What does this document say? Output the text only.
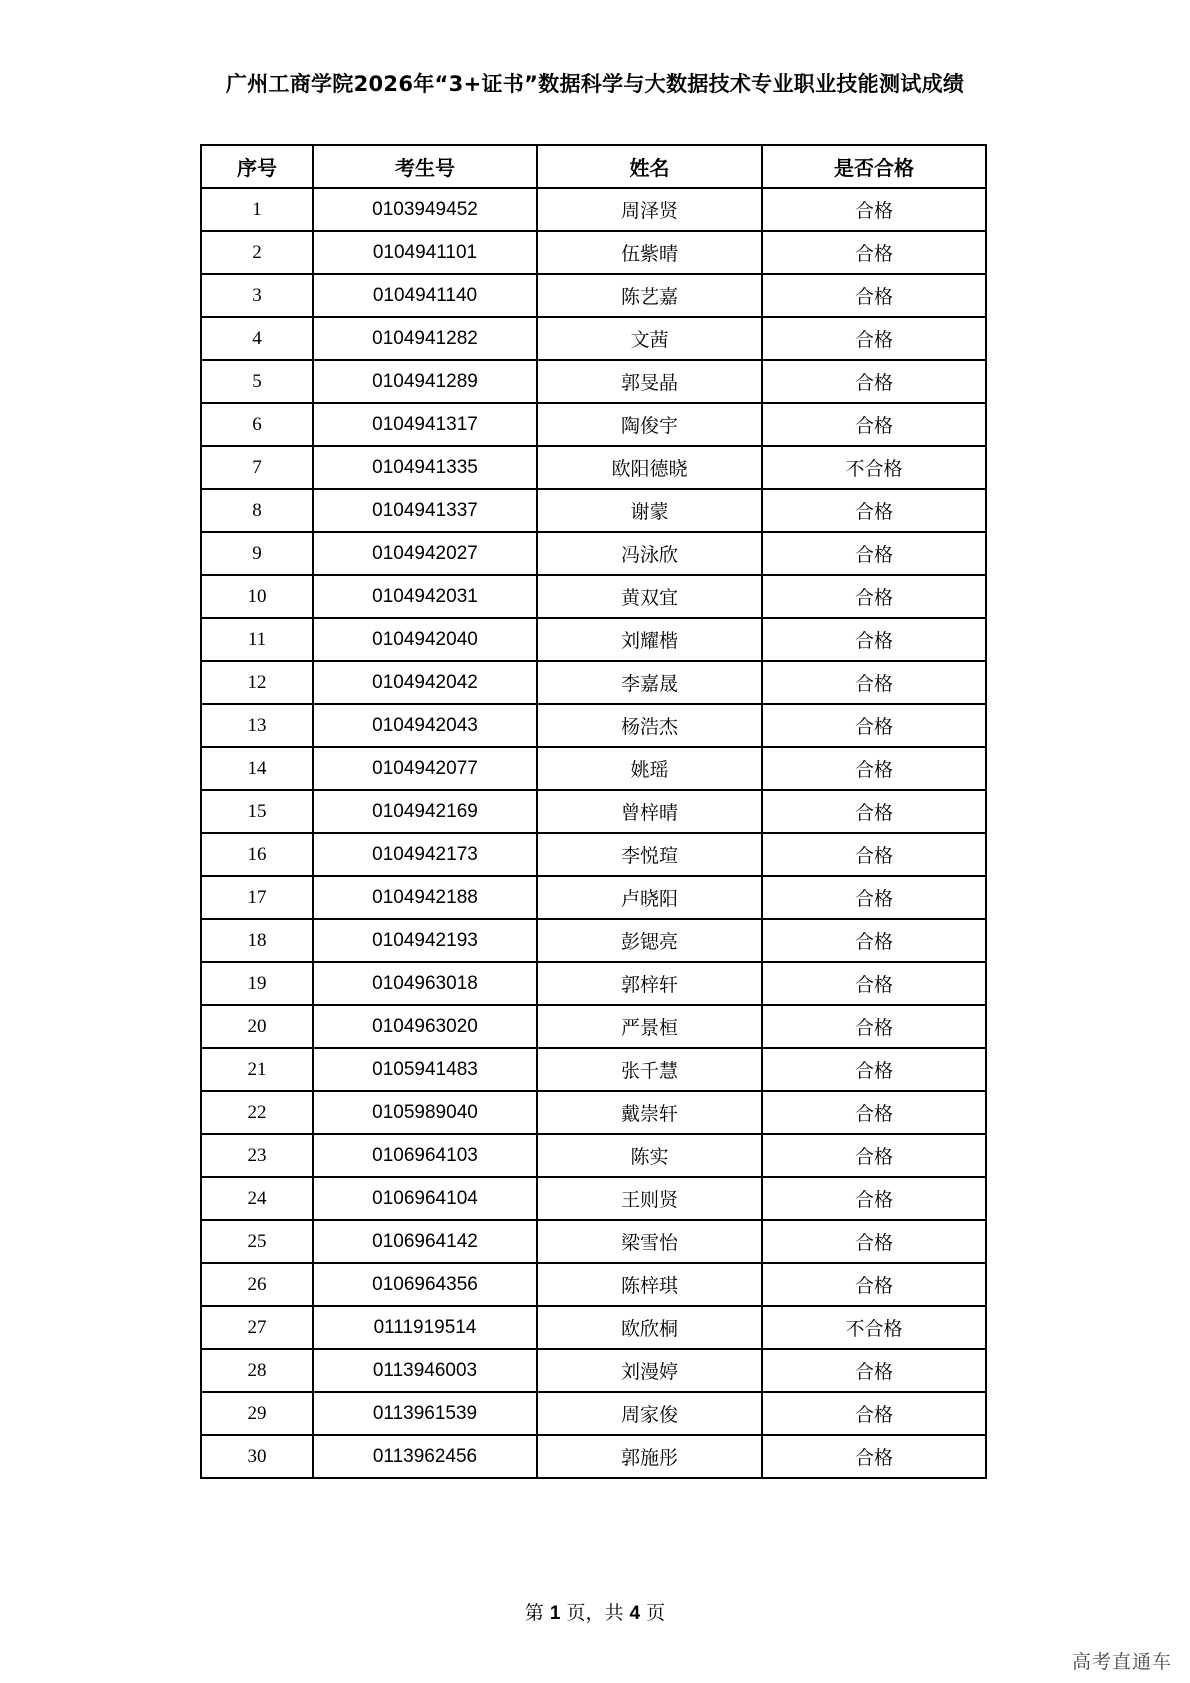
广州工商学院2026年“3+证书”数据科学与大数据技术专业职业技能测试成绩
序号	考生号	姓名	是否合格
1	0103949452	周泽贤	合格
2	0104941101	伍紫晴	合格
3	0104941140	陈艺嘉	合格
4	0104941282	文茜	合格
5	0104941289	郭旻晶	合格
6	0104941317	陶俊宇	合格
7	0104941335	欧阳德晓	不合格
8	0104941337	谢蒙	合格
9	0104942027	冯泳欣	合格
10	0104942031	黄双宜	合格
11	0104942040	刘耀楷	合格
12	0104942042	李嘉晟	合格
13	0104942043	杨浩杰	合格
14	0104942077	姚瑶	合格
15	0104942169	曾梓晴	合格
16	0104942173	李悦瑄	合格
17	0104942188	卢晓阳	合格
18	0104942193	彭锶亮	合格
19	0104963018	郭梓轩	合格
20	0104963020	严景桓	合格
21	0105941483	张千慧	合格
22	0105989040	戴崇轩	合格
23	0106964103	陈实	合格
24	0106964104	王则贤	合格
25	0106964142	梁雪怡	合格
26	0106964356	陈梓琪	合格
27	0111919514	欧欣桐	不合格
28	0113946003	刘漫婷	合格
29	0113961539	周家俊	合格
30	0113962456	郭施彤	合格
第 1 页，共 4 页
高考直通车
